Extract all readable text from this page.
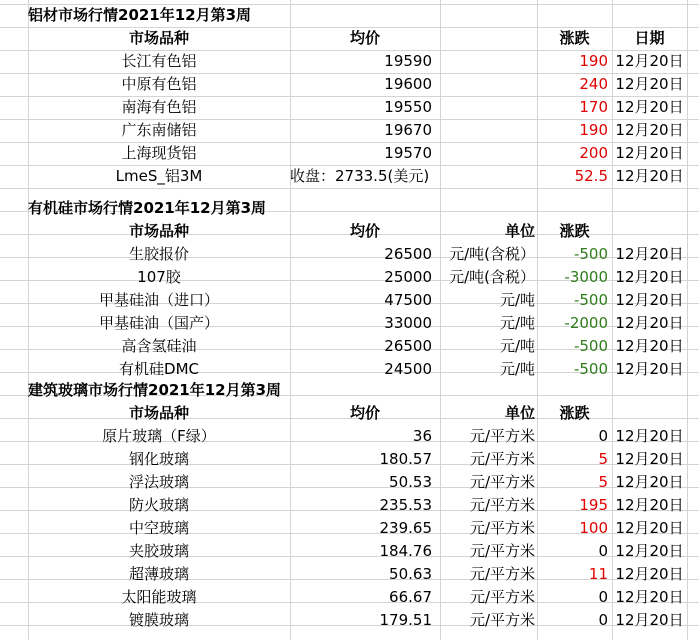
铝材市场行情2021年12月第3周
市场品种	均价	涨跌	日期
长江有色铝	19590	190 12月20日
中原有色铝	19600	240 12月20日
南海有色铝	19550	170 12月20日
广东南储铝	19670	190 12月20日
上海现货铝	19570	200 12月20日
LmeS_铝3M	收盘：2733.5(美元)	52.5 12月20日
有机硅市场行情2021年12月第3周
市场品种	均价	单位	涨跌
生胶报价	26500	元/吨(含税）	-500 12月20日
107胶	25000	元/吨(含税）	-3000 12月20日
甲基硅油（进口）	47500	元/吨	-500 12月20日
甲基硅油（国产）	33000	元/吨	-2000 12月20日
高含氢硅油	26500	元/吨	-500 12月20日
有机硅DMC	24500	元/吨	-500 12月20日
建筑玻璃市场行情2021年12月第3周
市场品种	均价	单位	涨跌
原片玻璃（F绿）	36	元/平方米	0 12月20日
钢化玻璃	180.57	元/平方米	5 12月20日
浮法玻璃	50.53	元/平方米	5 12月20日
防火玻璃	235.53	元/平方米	195 12月20日
中空玻璃	239.65	元/平方米	100 12月20日
夹胶玻璃	184.76	元/平方米	0 12月20日
超薄玻璃	50.63	元/平方米	11 12月20日
太阳能玻璃	66.67	元/平方米	0 12月20日
镀膜玻璃	179.51	元/平方米	0 12月20日
